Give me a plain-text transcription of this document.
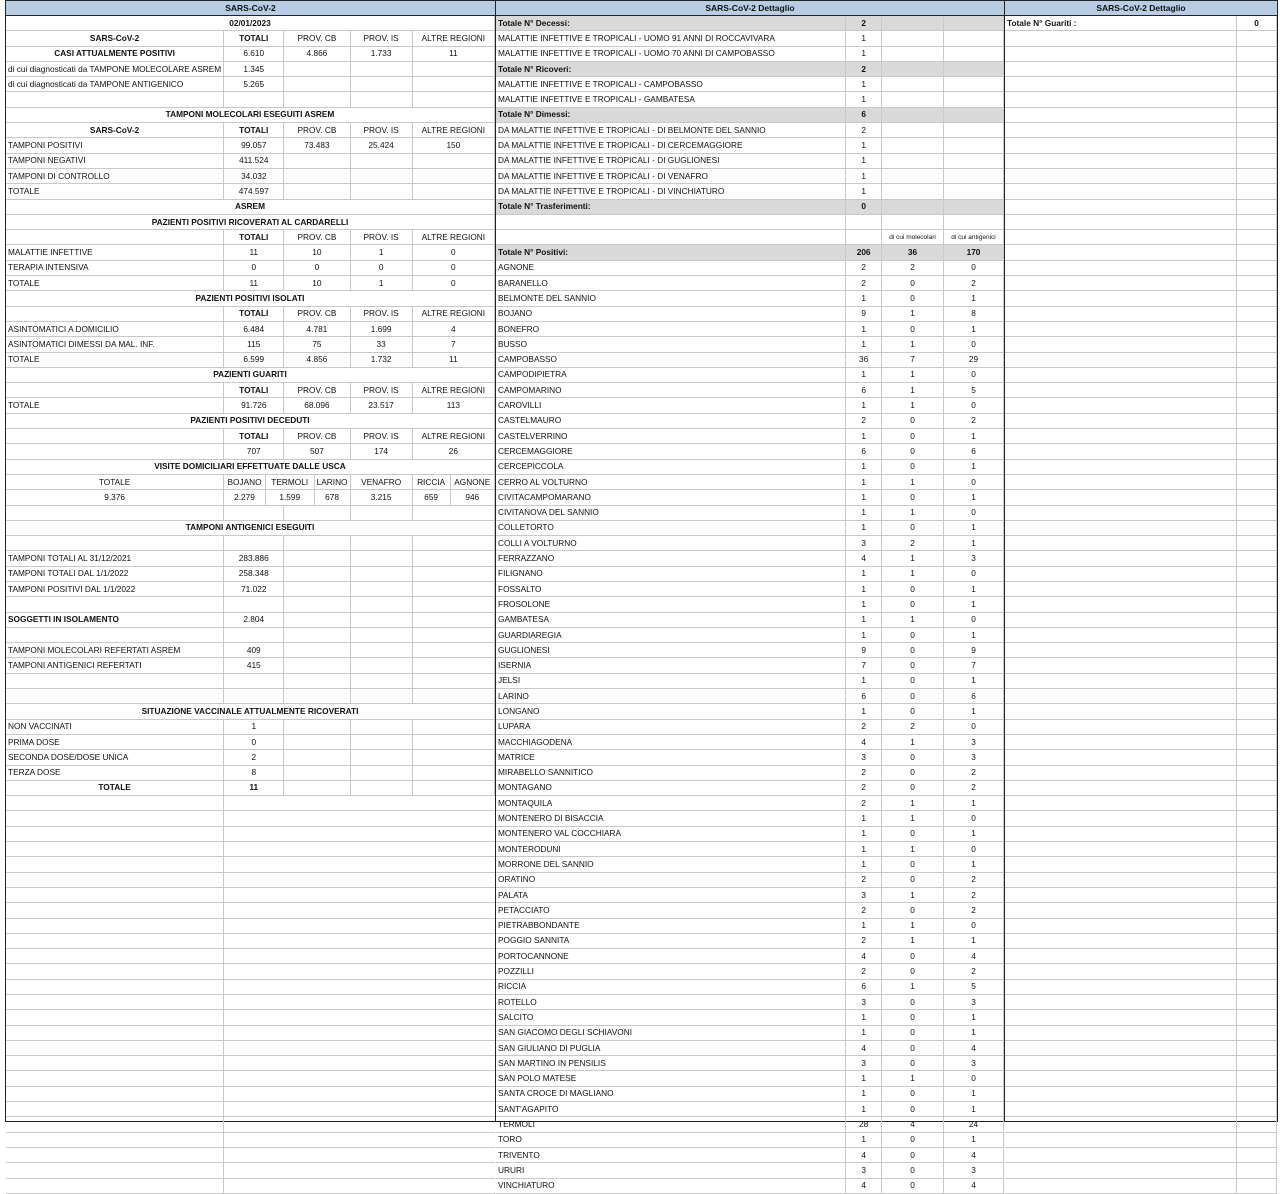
SARS-CoV-2
02/01/2023							
SARS-CoV-2	TOTALI		PROV. CB		PROV. IS	ALTRE REGIONI	
CASI ATTUALMENTE POSITIVI	6.610		4.866		1.733	11	
di cui diagnosticati da TAMPONE MOLECOLARE ASREM	1.345						
di cui diagnosticati da TAMPONE ANTIGENICO	5.265						

TAMPONI MOLECOLARI ESEGUITI ASREM							
SARS-CoV-2	TOTALI		PROV. CB		PROV. IS	ALTRE REGIONI	
TAMPONI POSITIVI	99.057		73.483		25.424	150	
TAMPONI NEGATIVI	411.524						
TAMPONI DI CONTROLLO	34.032						
TOTALE	474.597						
ASREM							
PAZIENTI POSITIVI RICOVERATI AL CARDARELLI							
	TOTALI		PROV. CB		PROV. IS	ALTRE REGIONI	
MALATTIE INFETTIVE	11		10		1	0	
TERAPIA INTENSIVA	0		0		0	0	
TOTALE	11		10		1	0	
PAZIENTI POSITIVI ISOLATI							
	TOTALI		PROV. CB		PROV. IS	ALTRE REGIONI	
ASINTOMATICI A DOMICILIO	6.484		4.781		1.699	4	
ASINTOMATICI DIMESSI DA MAL. INF.	115		75		33	7	
TOTALE	6.599		4.856		1.732	11	
PAZIENTI GUARITI							
	TOTALI		PROV. CB		PROV. IS	ALTRE REGIONI	
TOTALE	91.726		68.096		23.517	113	
PAZIENTI POSITIVI DECEDUTI							
	TOTALI		PROV. CB		PROV. IS	ALTRE REGIONI	
	707		507		174	26	
VISITE DOMICILIARI EFFETTUATE DALLE USCA							
TOTALE	BOJANO	TERMOLI		LARINO	VENAFRO	RICCIA	AGNONE
9.376	2.279	1.599		678	3.215	659	946

TAMPONI ANTIGENICI ESEGUITI							

TAMPONI TOTALI AL 31/12/2021	283.886						
TAMPONI TOTALI DAL 1/1/2022	258.348						
TAMPONI POSITIVI DAL 1/1/2022	71.022						

SOGGETTI IN ISOLAMENTO	2.804						

TAMPONI MOLECOLARI REFERTATI ASREM	409						
TAMPONI ANTIGENICI REFERTATI	415						

SITUAZIONE VACCINALE ATTUALMENTE RICOVERATI							
NON VACCINATI	1						
PRIMA DOSE	0						
SECONDA DOSE/DOSE UNICA	2						
TERZA DOSE	8						
TOTALE	11						

SARS-CoV-2 Dettaglio
Totale N° Decessi:	2		
MALATTIE INFETTIVE E TROPICALI - UOMO 91 ANNI DI ROCCAVIVARA	1		
MALATTIE INFETTIVE E TROPICALI - UOMO 70 ANNI DI CAMPOBASSO	1		
Totale N° Ricoveri:	2		
MALATTIE INFETTIVE E TROPICALI - CAMPOBASSO	1		
MALATTIE INFETTIVE E TROPICALI - GAMBATESA	1		
Totale N° Dimessi:	6		
DA MALATTIE INFETTIVE E TROPICALI - DI BELMONTE DEL SANNIO	2		
DA MALATTIE INFETTIVE E TROPICALI - DI CERCEMAGGIORE	1		
DA MALATTIE INFETTIVE E TROPICALI - DI GUGLIONESI	1		
DA MALATTIE INFETTIVE E TROPICALI - DI VENAFRO	1		
DA MALATTIE INFETTIVE E TROPICALI - DI VINCHIATURO	1		
Totale N° Trasferimenti:	0		

		di cui molecolari	di cui antigenici
Totale N° Positivi:	206	36	170
AGNONE	2	2	0
BARANELLO	2	0	2
BELMONTE DEL SANNIO	1	0	1
BOJANO	9	1	8
BONEFRO	1	0	1
BUSSO	1	1	0
CAMPOBASSO	36	7	29
CAMPODIPIETRA	1	1	0
CAMPOMARINO	6	1	5
CAROVILLI	1	1	0
CASTELMAURO	2	0	2
CASTELVERRINO	1	0	1
CERCEMAGGIORE	6	0	6
CERCEPICCOLA	1	0	1
CERRO AL VOLTURNO	1	1	0
CIVITACAMPOMARANO	1	0	1
CIVITANOVA DEL SANNIO	1	1	0
COLLETORTO	1	0	1
COLLI A VOLTURNO	3	2	1
FERRAZZANO	4	1	3
FILIGNANO	1	1	0
FOSSALTO	1	0	1
FROSOLONE	1	0	1
GAMBATESA	1	1	0
GUARDIAREGIA	1	0	1
GUGLIONESI	9	0	9
ISERNIA	7	0	7
JELSI	1	0	1
LARINO	6	0	6
LONGANO	1	0	1
LUPARA	2	2	0
MACCHIAGODENA	4	1	3
MATRICE	3	0	3
MIRABELLO SANNITICO	2	0	2
MONTAGANO	2	0	2
MONTAQUILA	2	1	1
MONTENERO DI BISACCIA	1	1	0
MONTENERO VAL COCCHIARA	1	0	1
MONTERODUNI	1	1	0
MORRONE DEL SANNIO	1	0	1
ORATINO	2	0	2
PALATA	3	1	2
PETACCIATO	2	0	2
PIETRABBONDANTE	1	1	0
POGGIO SANNITA	2	1	1
PORTOCANNONE	4	0	4
POZZILLI	2	0	2
RICCIA	6	1	5
ROTELLO	3	0	3
SALCITO	1	0	1
SAN GIACOMO DEGLI SCHIAVONI	1	0	1
SAN GIULIANO DI PUGLIA	4	0	4
SAN MARTINO IN PENSILIS	3	0	3
SAN POLO MATESE	1	1	0
SANTA CROCE DI MAGLIANO	1	0	1
SANT'AGAPITO	1	0	1
TERMOLI	28	4	24
TORO	1	0	1
TRIVENTO	4	0	4
URURI	3	0	3
VINCHIATURO	4	0	4
SARS-CoV-2 Dettaglio
Totale N° Guariti :	0
